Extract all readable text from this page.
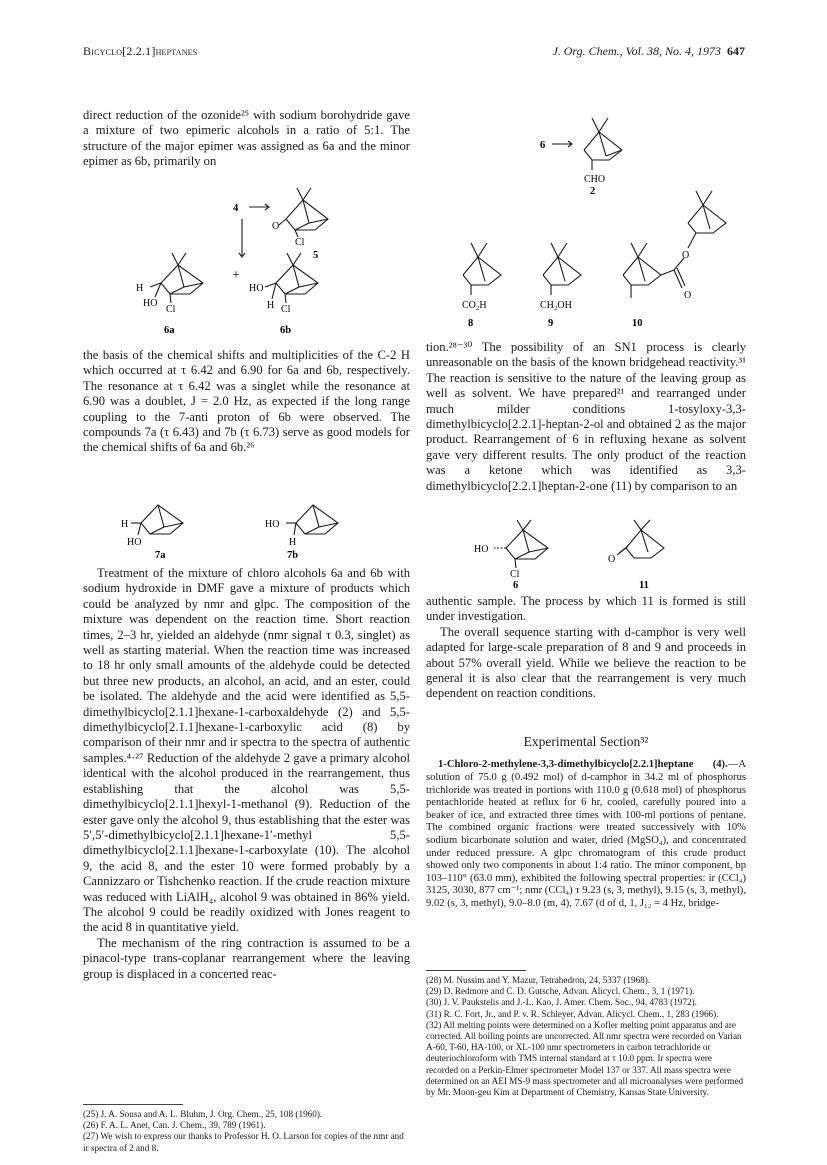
Bicyclo[2.2.1]heptanes	J. Org. Chem., Vol. 38, No. 4, 1973 647

direct reduction of the ozonide²⁵ with sodium borohydride gave a mixture of two epimeric alcohols in a ratio of 5:1. The structure of the major epimer was assigned as 6a and the minor epimer as 6b, primarily on

4
O
Cl
5
H
Cl
HO
+
HO
Cl
H
6a	6b

the basis of the chemical shifts and multiplicities of the C-2 H which occurred at τ 6.42 and 6.90 for 6a and 6b, respectively. The resonance at τ 6.42 was a singlet while the resonance at 6.90 was a doublet, J = 2.0 Hz, as expected if the long range coupling to the 7-anti proton of 6b were observed. The compounds 7a (τ 6.43) and 7b (τ 6.73) serve as good models for the chemical shifts of 6a and 6b.²⁶

H
HO
HO
H
7a	7b

Treatment of the mixture of chloro alcohols 6a and 6b with sodium hydroxide in DMF gave a mixture of products which could be analyzed by nmr and glpc. The composition of the mixture was dependent on the reaction time. Short reaction times, 2–3 hr, yielded an aldehyde (nmr signal τ 0.3, singlet) as well as starting material. When the reaction time was increased to 18 hr only small amounts of the aldehyde could be detected but three new products, an alcohol, an acid, and an ester, could be isolated. The aldehyde and the acid were identified as 5,5-dimethylbicyclo[2.1.1]hexane-1-carboxaldehyde (2) and 5,5-dimethylbicyclo[2.1.1]hexane-1-carboxylic acid (8) by comparison of their nmr and ir spectra to the spectra of authentic samples.⁴·²⁷ Reduction of the aldehyde 2 gave a primary alcohol identical with the alcohol produced in the rearrangement, thus establishing that the alcohol was 5,5-dimethylbicyclo[2.1.1]hexyl-1-methanol (9). Reduction of the ester gave only the alcohol 9, thus establishing that the ester was 5′,5′-dimethylbicyclo[2.1.1]hexane-1′-methyl 5,5-dimethylbicyclo[2.1.1]hexane-1-carboxylate (10). The alcohol 9, the acid 8, and the ester 10 were formed probably by a Cannizzaro or Tishchenko reaction. If the crude reaction mixture was reduced with LiAlH₄, alcohol 9 was obtained in 86% yield. The alcohol 9 could be readily oxidized with Jones reagent to the acid 8 in quantitative yield.

The mechanism of the ring contraction is assumed to be a pinacol-type trans-coplanar rearrangement where the leaving group is displaced in a concerted reac-

(25) J. A. Sousa and A. L. Bluhm, J. Org. Chem., 25, 108 (1960).

(26) F. A. L. Anet, Can. J. Chem., 39, 789 (1961).

(27) We wish to express our thanks to Professor H. O. Larson for copies of the nmr and ir spectra of 2 and 8.

6
CHO
2
CO₂H	CH₂OH
8	9
O
O
10

tion.²⁸⁻³⁰ The possibility of an SN1 process is clearly unreasonable on the basis of the known bridgehead reactivity.³¹ The reaction is sensitive to the nature of the leaving group as well as solvent. We have prepared²¹ and rearranged under much milder conditions 1-tosyloxy-3,3-dimethylbicyclo[2.2.1]-heptan-2-ol and obtained 2 as the major product. Rearrangement of 6 in refluxing hexane as solvent gave very different results. The only product of the reaction was a ketone which was identified as 3,3-dimethylbicyclo[2.2.1]heptan-2-one (11) by comparison to an

HO
Cl
6
O
11

authentic sample. The process by which 11 is formed is still under investigation.

The overall sequence starting with d-camphor is very well adapted for large-scale preparation of 8 and 9 and proceeds in about 57% overall yield. While we believe the reaction to be general it is also clear that the rearrangement is very much dependent on reaction conditions.

Experimental Section³²

1-Chloro-2-methylene-3,3-dimethylbicyclo[2.2.1]heptane (4).—A solution of 75.0 g (0.492 mol) of d-camphor in 34.2 ml of phosphorus trichloride was treated in portions with 110.0 g (0.618 mol) of phosphorus pentachloride heated at reflux for 6 hr, cooled, carefully poured into a beaker of ice, and extracted three times with 100-ml portions of pentane. The combined organic fractions were treated successively with 10% sodium bicarbonate solution and water, dried (MgSO₄), and concentrated under reduced pressure. A glpc chromatogram of this crude product showed only two components in about 1:4 ratio. The minor component, bp 103–110° (63.0 mm), exhibited the following spectral properties: ir (CCl₄) 3125, 3030, 877 cm⁻¹; nmr (CCl₄) τ 9.23 (s, 3, methyl), 9.15 (s, 3, methyl), 9.02 (s, 3, methyl), 9.0–8.0 (m, 4), 7.67 (d of d, 1, J₁₂ = 4 Hz, bridge-

(28) M. Nussim and Y. Mazur, Tetrahedron, 24, 5337 (1968).

(29) D. Redmore and C. D. Gutsche, Advan. Alicycl. Chem., 3, 1 (1971).

(30) J. V. Paukstelis and J.-L. Kao, J. Amer. Chem. Soc., 94, 4783 (1972).

(31) R. C. Fort, Jr., and P. v. R. Schleyer, Advan. Alicycl. Chem., 1, 283 (1966).

(32) All melting points were determined on a Kofler melting point apparatus and are corrected. All boiling points are uncorrected. All nmr spectra were recorded on Varian A-60, T-60, HA-100, or XL-100 nmr spectrometers in carbon tetrachloride or deuteriochloroform with TMS internal standard at τ 10.0 ppm. Ir spectra were recorded on a Perkin-Elmer spectrometer Model 137 or 337. All mass spectra were determined on an AEI MS-9 mass spectrometer and all microanalyses were performed by Mr. Moon-geu Kim at Department of Chemistry, Kansas State University.
